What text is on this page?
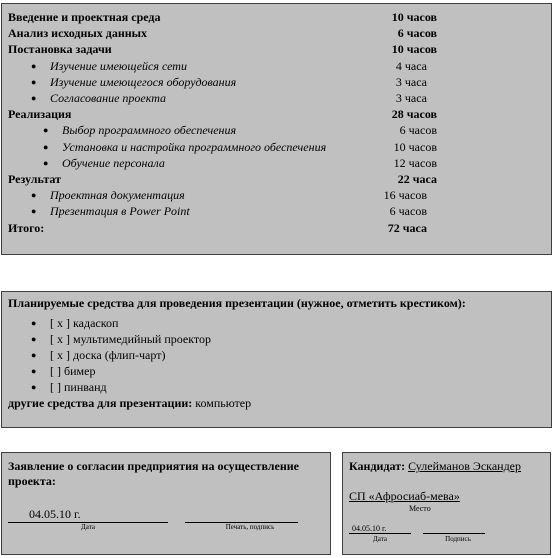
Введение и проектная среда	10 часов
Анализ исходных данных	6 часов
Постановка задачи	10 часов
● Изучение имеющейся сети	4 часа
● Изучение имеющегося оборудования	3 часа
● Согласование проекта	3 часа
Реализация	28 часов
● Выбор программного обеспечения	6 часов
● Установка и настройка программного обеспечения	10 часов
● Обучение персонала	12 часов
Результат	22 часа
● Проектная документация	16 часов
● Презентация в Power Point	6 часов
Итого:	72 часа
Планируемые средства для проведения презентации (нужное, отметить крестиком):
● [ x ] кадаскоп
● [ x ] мультимедийный проектор
● [ x ] доска (флип-чарт)
● [ ] бимер
● [ ] пинванд
другие средства для презентации: компьютер
Заявление о согласии предприятия на осуществление проекта:
04.05.10 г.
Дата	Печать, подпись
Кандидат: Сулейманов Эскандер
СП «Афросиаб-мева»
Место
04.05.10 г.
Дата	Подпись
